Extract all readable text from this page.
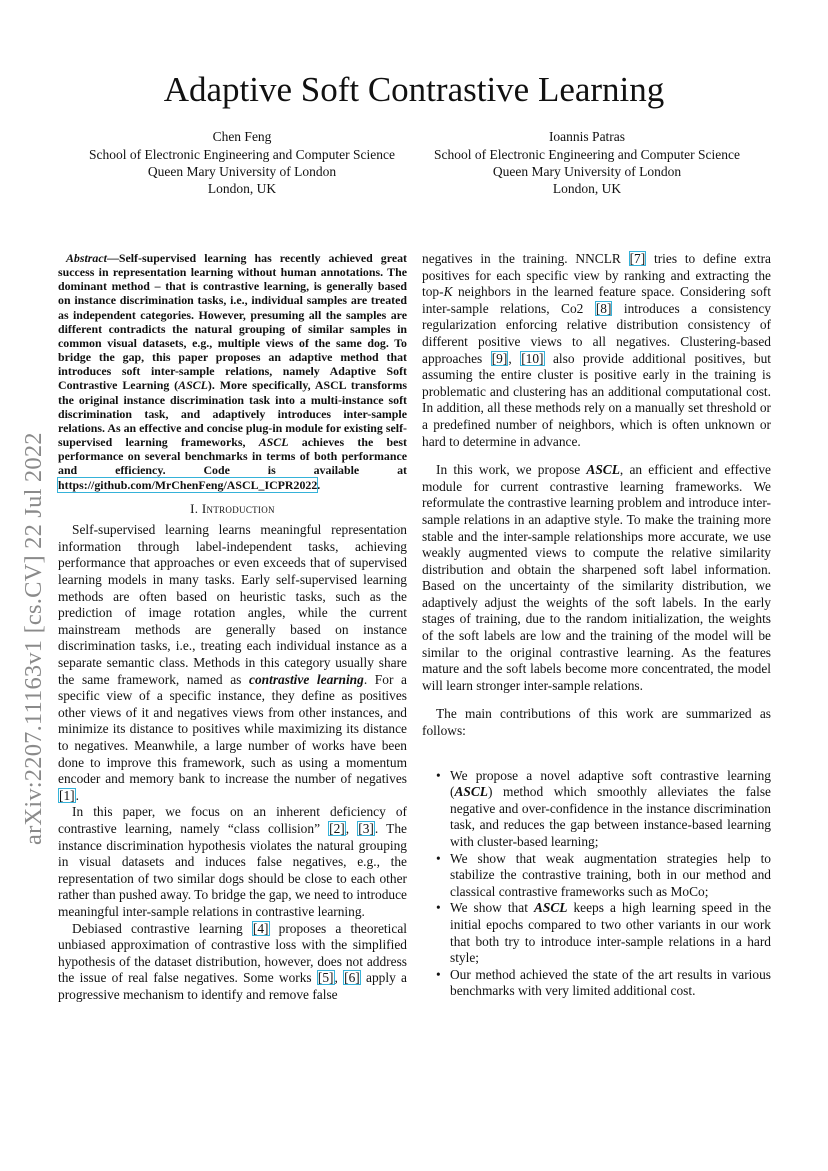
Adaptive Soft Contrastive Learning
Chen Feng
School of Electronic Engineering and Computer Science
Queen Mary University of London
London, UK
Ioannis Patras
School of Electronic Engineering and Computer Science
Queen Mary University of London
London, UK
arXiv:2207.11163v1 [cs.CV] 22 Jul 2022
Abstract—Self-supervised learning has recently achieved great success in representation learning without human annotations. The dominant method – that is contrastive learning, is generally based on instance discrimination tasks, i.e., individual samples are treated as independent categories. However, presuming all the samples are different contradicts the natural grouping of similar samples in common visual datasets, e.g., multiple views of the same dog. To bridge the gap, this paper proposes an adaptive method that introduces soft inter-sample relations, namely Adaptive Soft Contrastive Learning (ASCL). More specifically, ASCL transforms the original instance discrimination task into a multi-instance soft discrimination task, and adaptively introduces inter-sample relations. As an effective and concise plug-in module for existing self-supervised learning frameworks, ASCL achieves the best performance on several benchmarks in terms of both performance and efficiency. Code is available at https://github.com/MrChenFeng/ASCL_ICPR2022.
I. Introduction

Self-supervised learning learns meaningful representation information through label-independent tasks, achieving performance that approaches or even exceeds that of supervised learning models in many tasks. Early self-supervised learning methods are often based on heuristic tasks, such as the prediction of image rotation angles, while the current mainstream methods are generally based on instance discrimination tasks, i.e., treating each individual instance as a separate semantic class. Methods in this category usually share the same framework, named as contrastive learning. For a specific view of a specific instance, they define as positives other views of it and negatives views from other instances, and minimize its distance to positives while maximizing its distance to negatives. Meanwhile, a large number of works have been done to improve this framework, such as using a momentum encoder and memory bank to increase the number of negatives [1].

In this paper, we focus on an inherent deficiency of contrastive learning, namely “class collision” [2], [3]. The instance discrimination hypothesis violates the natural grouping in visual datasets and induces false negatives, e.g., the representation of two similar dogs should be close to each other rather than pushed away. To bridge the gap, we need to introduce meaningful inter-sample relations in contrastive learning.

Debiased contrastive learning [4] proposes a theoretical unbiased approximation of contrastive loss with the simplified hypothesis of the dataset distribution, however, does not address the issue of real false negatives. Some works [5], [6] apply a progressive mechanism to identify and remove false

negatives in the training. NNCLR [7] tries to define extra positives for each specific view by ranking and extracting the top-K neighbors in the learned feature space. Considering soft inter-sample relations, Co2 [8] introduces a consistency regularization enforcing relative distribution consistency of different positive views to all negatives. Clustering-based approaches [9], [10] also provide additional positives, but assuming the entire cluster is positive early in the training is problematic and clustering has an additional computational cost. In addition, all these methods rely on a manually set threshold or a predefined number of neighbors, which is often unknown or hard to determine in advance.

In this work, we propose ASCL, an efficient and effective module for current contrastive learning frameworks. We reformulate the contrastive learning problem and introduce inter-sample relations in an adaptive style. To make the training more stable and the inter-sample relationships more accurate, we use weakly augmented views to compute the relative similarity distribution and obtain the sharpened soft label information. Based on the uncertainty of the similarity distribution, we adaptively adjust the weights of the soft labels. In the early stages of training, due to the random initialization, the weights of the soft labels are low and the training of the model will be similar to the original contrastive learning. As the features mature and the soft labels become more concentrated, the model will learn stronger inter-sample relations.

The main contributions of this work are summarized as follows:

• We propose a novel adaptive soft contrastive learning (ASCL) method which smoothly alleviates the false negative and over-confidence in the instance discrimination task, and reduces the gap between instance-based learning with cluster-based learning;
• We show that weak augmentation strategies help to stabilize the contrastive training, both in our method and classical contrastive frameworks such as MoCo;
• We show that ASCL keeps a high learning speed in the initial epochs compared to two other variants in our work that both try to introduce inter-sample relations in a hard style;
• Our method achieved the state of the art results in various benchmarks with very limited additional cost.
